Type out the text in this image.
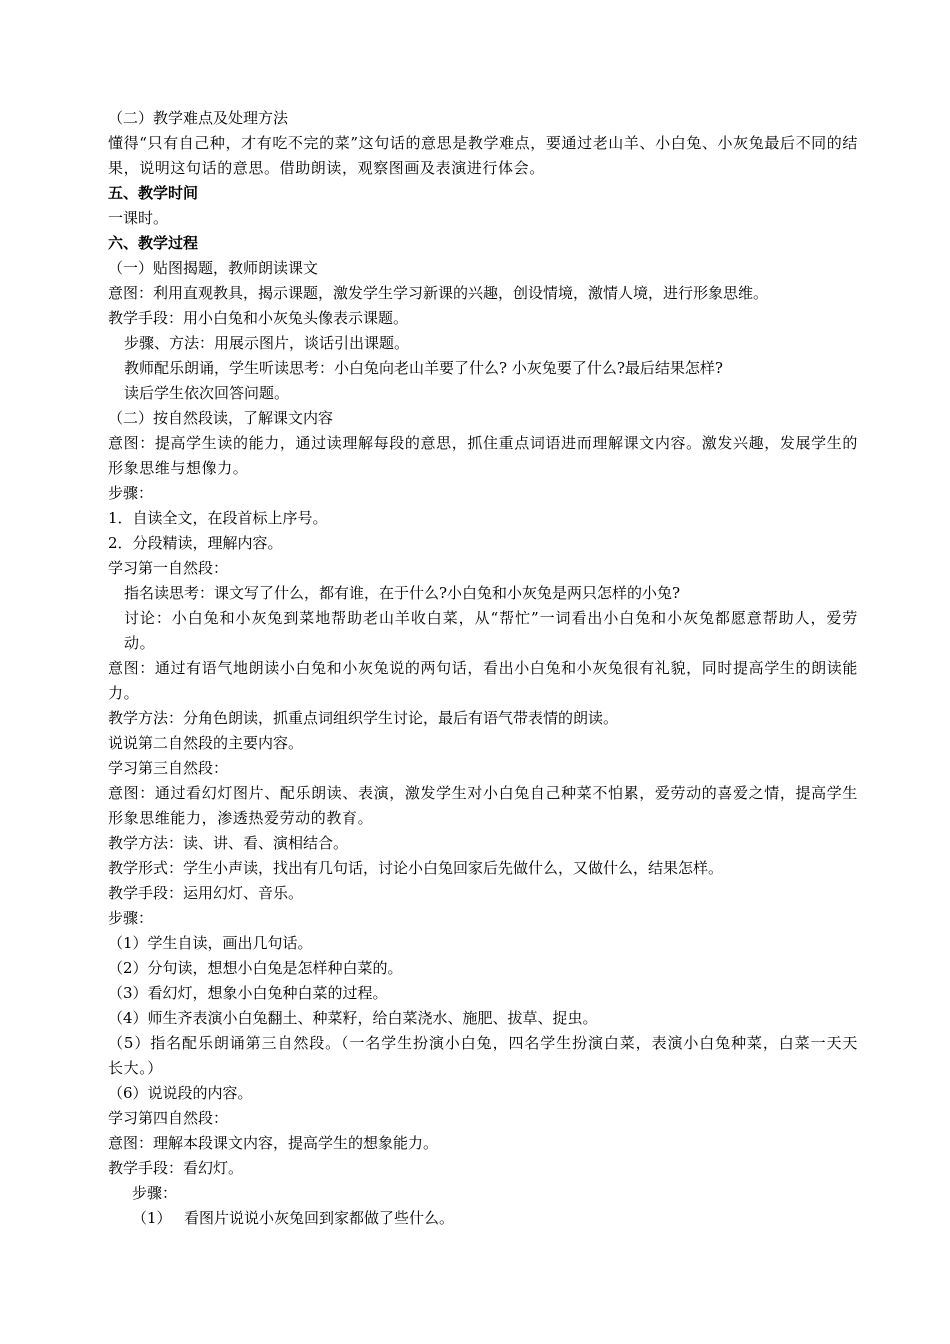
（二）教学难点及处理方法
懂得“只有自己种，才有吃不完的菜”这句话的意思是教学难点，要通过老山羊、小白兔、小灰兔最后不同的结果，说明这句话的意思。借助朗读，观察图画及表演进行体会。
五、教学时间
一课时。
六、教学过程
（一）贴图揭题，教师朗读课文
意图：利用直观教具，揭示课题，激发学生学习新课的兴趣，创设情境，激情人境，进行形象思维。
教学手段：用小白兔和小灰兔头像表示课题。
步骤、方法：用展示图片，谈话引出课题。
教师配乐朗诵，学生听读思考：小白兔向老山羊要了什么? 小灰兔要了什么?最后结果怎样?
读后学生依次回答问题。
（二）按自然段读，了解课文内容
意图：提高学生读的能力，通过读理解每段的意思，抓住重点词语进而理解课文内容。激发兴趣，发展学生的形象思维与想像力。
步骤：
1．自读全文，在段首标上序号。
2．分段精读，理解内容。
学习第一自然段：
指名读思考：课文写了什么，都有谁，在于什么?小白兔和小灰兔是两只怎样的小兔?
讨论：小白兔和小灰兔到菜地帮助老山羊收白菜，从“帮忙”一词看出小白兔和小灰兔都愿意帮助人，爱劳动。
意图：通过有语气地朗读小白兔和小灰兔说的两句话，看出小白兔和小灰兔很有礼貌，同时提高学生的朗读能力。
教学方法：分角色朗读，抓重点词组织学生讨论，最后有语气带表情的朗读。
说说第二自然段的主要内容。
学习第三自然段：
意图：通过看幻灯图片、配乐朗读、表演，激发学生对小白兔自己种菜不怕累，爱劳动的喜爱之情，提高学生形象思维能力，渗透热爱劳动的教育。
教学方法：读、讲、看、演相结合。
教学形式：学生小声读，找出有几句话，讨论小白兔回家后先做什么，又做什么，结果怎样。
教学手段：运用幻灯、音乐。
步骤：
（1）学生自读，画出几句话。
（2）分句读，想想小白兔是怎样种白菜的。
（3）看幻灯，想象小白兔种白菜的过程。
（4）师生齐表演小白兔翻土、种菜籽，给白菜浇水、施肥、拔草、捉虫。
（5）指名配乐朗诵第三自然段。（一名学生扮演小白兔，四名学生扮演白菜，表演小白兔种菜，白菜一天天长大。）
（6）说说段的内容。
学习第四自然段：
意图：理解本段课文内容，提高学生的想象能力。
教学手段：看幻灯。
步骤：
（1） 看图片说说小灰兔回到家都做了些什么。
